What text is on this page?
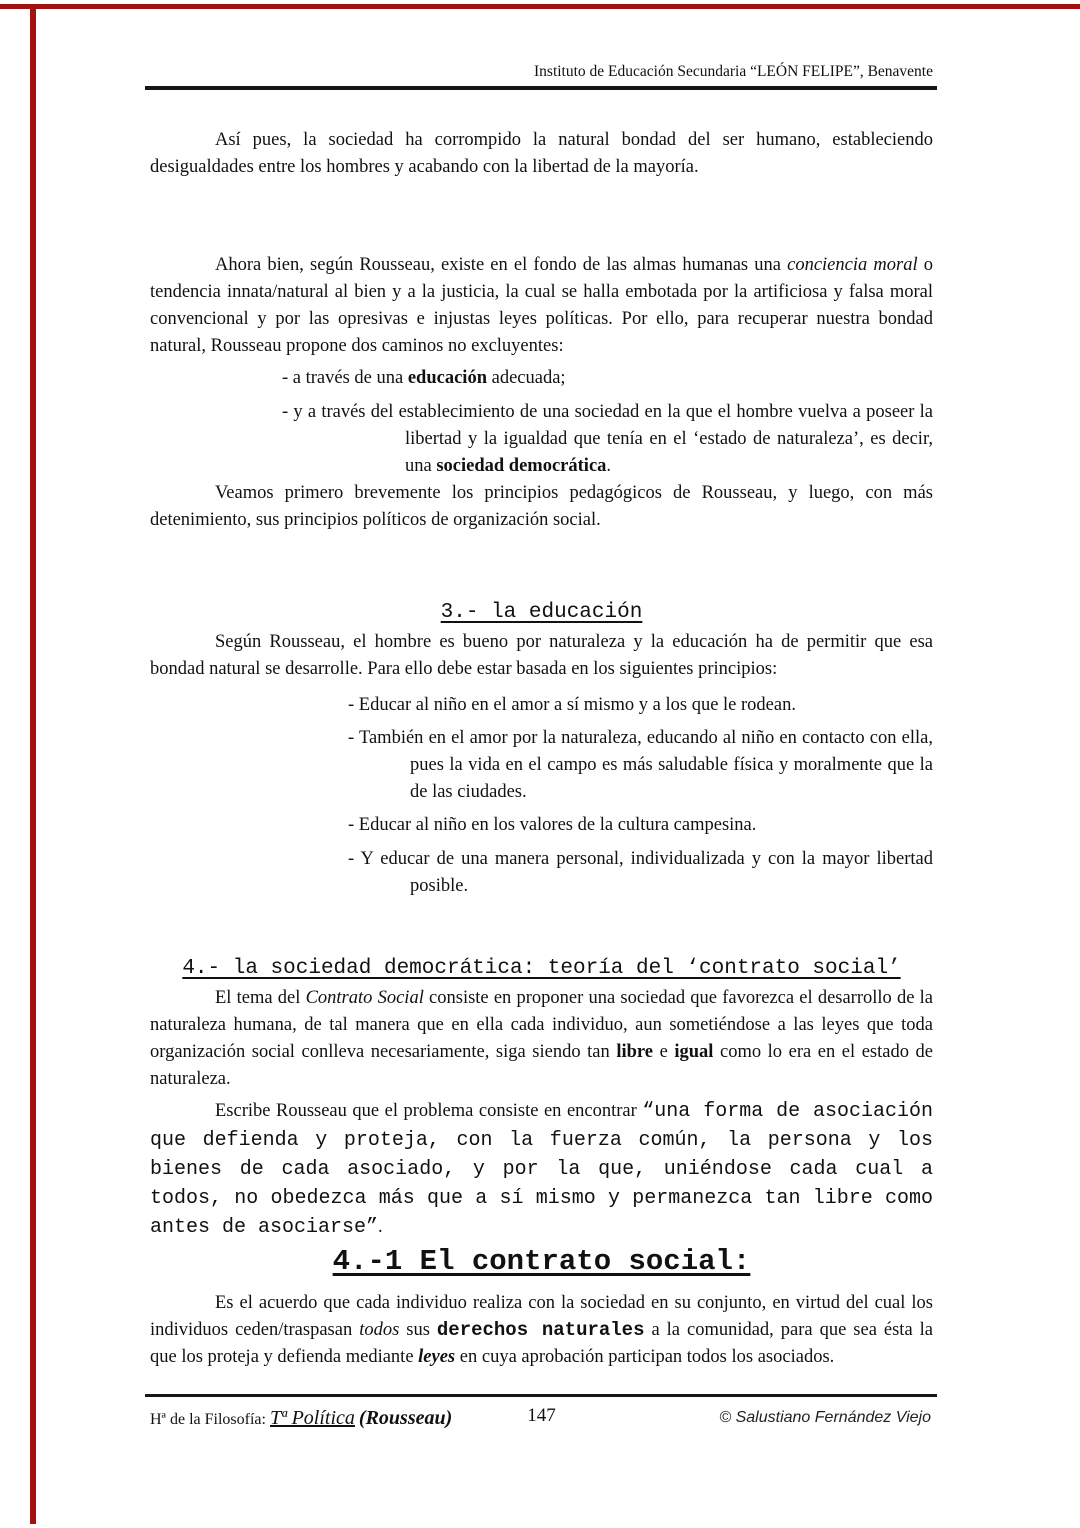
Instituto de Educación Secundaria “LEÓN FELIPE”, Benavente

Así pues, la sociedad ha corrompido la natural bondad del ser humano, estableciendo desigualdades entre los hombres y acabando con la libertad de la mayoría.

Ahora bien, según Rousseau, existe en el fondo de las almas humanas una conciencia moral o tendencia innata/natural al bien y a la justicia, la cual se halla embotada por la artificiosa y falsa moral convencional y por las opresivas e injustas leyes políticas. Por ello, para recuperar nuestra bondad natural, Rousseau propone dos caminos no excluyentes:

- a través de una educación adecuada;
- y a través del establecimiento de una sociedad en la que el hombre vuelva a poseer la libertad y la igualdad que tenía en el ‘estado de naturaleza’, es decir, una sociedad democrática.

Veamos primero brevemente los principios pedagógicos de Rousseau, y luego, con más detenimiento, sus principios políticos de organización social.

3.- la educación

Según Rousseau, el hombre es bueno por naturaleza y la educación ha de permitir que esa bondad natural se desarrolle. Para ello debe estar basada en los siguientes principios:

- Educar al niño en el amor a sí mismo y a los que le rodean.
- También en el amor por la naturaleza, educando al niño en contacto con ella, pues la vida en el campo es más saludable física y moralmente que la de las ciudades.
- Educar al niño en los valores de la cultura campesina.
- Y educar de una manera personal, individualizada y con la mayor libertad posible.
4.- la sociedad democrática: teoría del ‘contrato social’

El tema del Contrato Social consiste en proponer una sociedad que favorezca el desarrollo de la naturaleza humana, de tal manera que en ella cada individuo, aun sometiéndose a las leyes que toda organización social conlleva necesariamente, siga siendo tan libre e igual como lo era en el estado de naturaleza.

Escribe Rousseau que el problema consiste en encontrar “una forma de asociación que defienda y proteja, con la fuerza común, la persona y los bienes de cada asociado, y por la que, uniéndose cada cual a todos, no obedezca más que a sí mismo y permanezca tan libre como antes de asociarse”.

4.-1 El contrato social:

Es el acuerdo que cada individuo realiza con la sociedad en su conjunto, en virtud del cual los individuos ceden/traspasan todos sus derechos naturales a la comunidad, para que sea ésta la que los proteja y defienda mediante leyes en cuya aprobación participan todos los asociados.

Hª de la Filosofía: Tª Política (Rousseau)	147	© Salustiano Fernández Viejo
